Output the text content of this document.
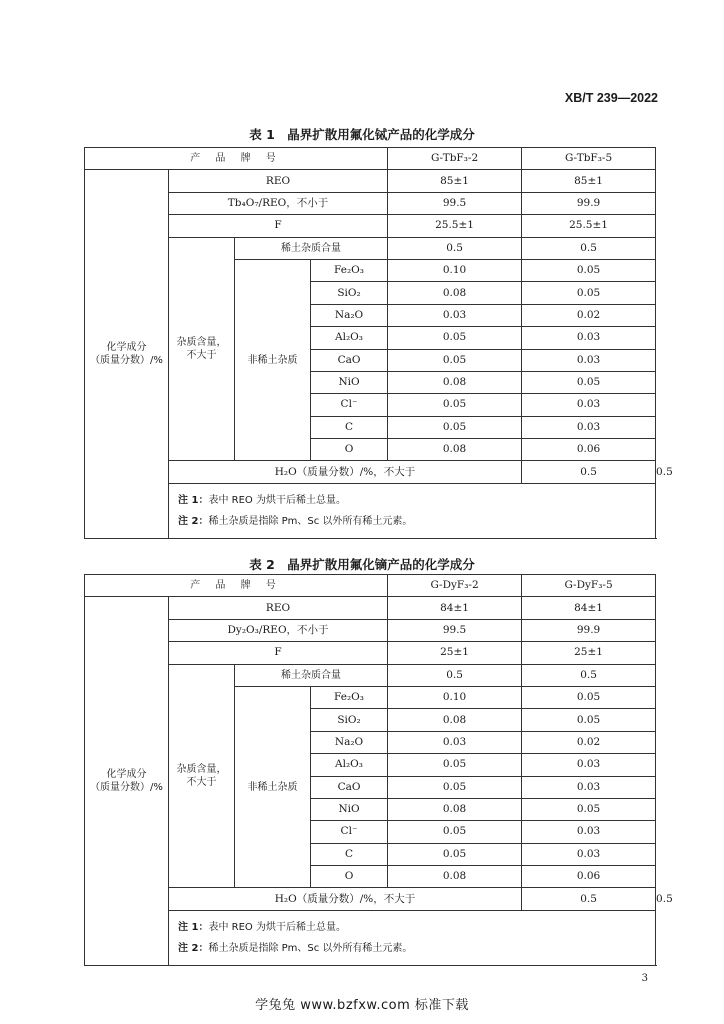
XB/T 239—2022
表 1　晶界扩散用氟化铽产品的化学成分
产 品 牌 号				G-TbF₃-2	G-TbF₃-5	
化学成分
（质量分数）/%	REO			85±1	85±1	
	Tb₄O₇/REO，不小于			99.5	99.9	
	F			25.5±1	25.5±1	
	杂质含量，
不大于	稀土杂质合量		0.5	0.5	
		非稀土杂质	Fe₂O₃	0.10	0.05	
			SiO₂	0.08	0.05	
			Na₂O	0.03	0.02	
			Al₂O₃	0.05	0.03	
			CaO	0.05	0.03	
			NiO	0.08	0.05	
			Cl⁻	0.05	0.03	
			C	0.05	0.03	
			O	0.08	0.06	
	H₂O（质量分数）/%，不大于				0.5	0.5

	注 1：表中 REO 为烘干后稀土总量。
注 2：稀土杂质是指除 Pm、Sc 以外所有稀土元素。					
表 2　晶界扩散用氟化镝产品的化学成分
产 品 牌 号				G-DyF₃-2	G-DyF₃-5	
化学成分
（质量分数）/%	REO			84±1	84±1	
	Dy₂O₃/REO，不小于			99.5	99.9	
	F			25±1	25±1	
	杂质含量，
不大于	稀土杂质合量		0.5	0.5	
		非稀土杂质	Fe₂O₃	0.10	0.05	
			SiO₂	0.08	0.05	
			Na₂O	0.03	0.02	
			Al₂O₃	0.05	0.03	
			CaO	0.05	0.03	
			NiO	0.08	0.05	
			Cl⁻	0.05	0.03	
			C	0.05	0.03	
			O	0.08	0.06	
	H₂O（质量分数）/%，不大于				0.5	0.5

	注 1：表中 REO 为烘干后稀土总量。
注 2：稀土杂质是指除 Pm、Sc 以外所有稀土元素。					
3
学兔兔 www.bzfxw.com 标准下载
